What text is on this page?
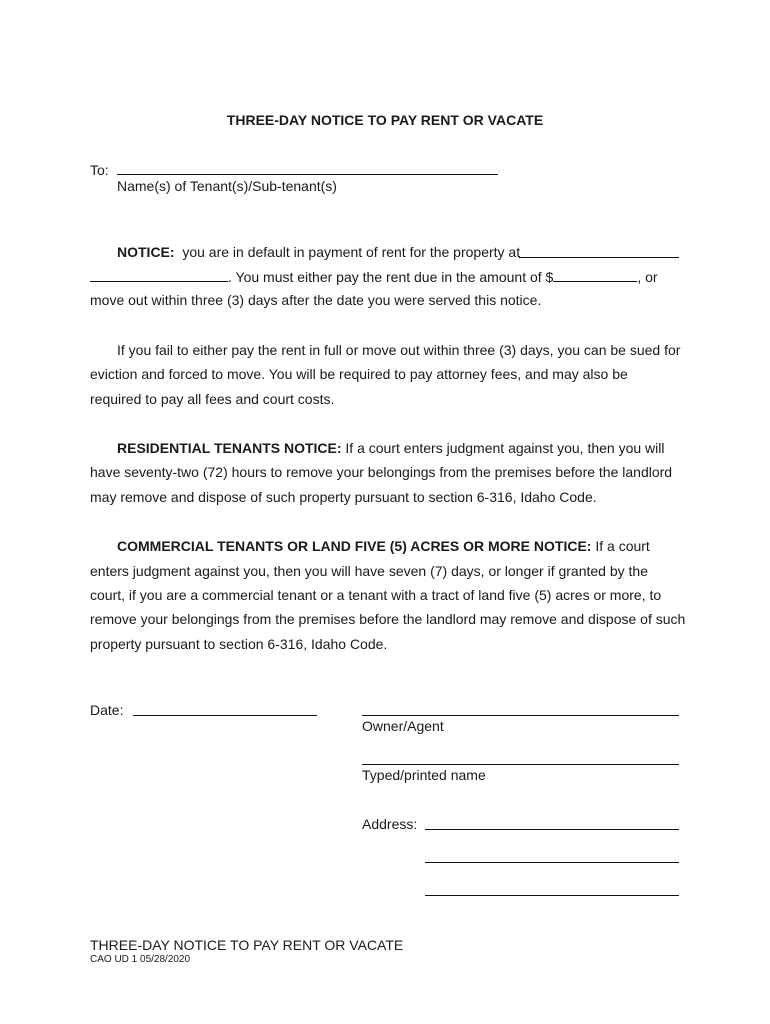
THREE-DAY NOTICE TO PAY RENT OR VACATE
To:
Name(s) of Tenant(s)/Sub-tenant(s)
NOTICE: you are in default in payment of rent for the property at
. You must either pay the rent due in the amount of $	, or
move out within three (3) days after the date you were served this notice.
If you fail to either pay the rent in full or move out within three (3) days, you can be sued for
eviction and forced to move. You will be required to pay attorney fees, and may also be
required to pay all fees and court costs.
RESIDENTIAL TENANTS NOTICE: If a court enters judgment against you, then you will
have seventy-two (72) hours to remove your belongings from the premises before the landlord
may remove and dispose of such property pursuant to section 6-316, Idaho Code.
COMMERCIAL TENANTS OR LAND FIVE (5) ACRES OR MORE NOTICE: If a court
enters judgment against you, then you will have seven (7) days, or longer if granted by the
court, if you are a commercial tenant or a tenant with a tract of land five (5) acres or more, to
remove your belongings from the premises before the landlord may remove and dispose of such
property pursuant to section 6-316, Idaho Code.
Date:
Owner/Agent
Typed/printed name
Address:
THREE-DAY NOTICE TO PAY RENT OR VACATE
CAO UD 1 05/28/2020
